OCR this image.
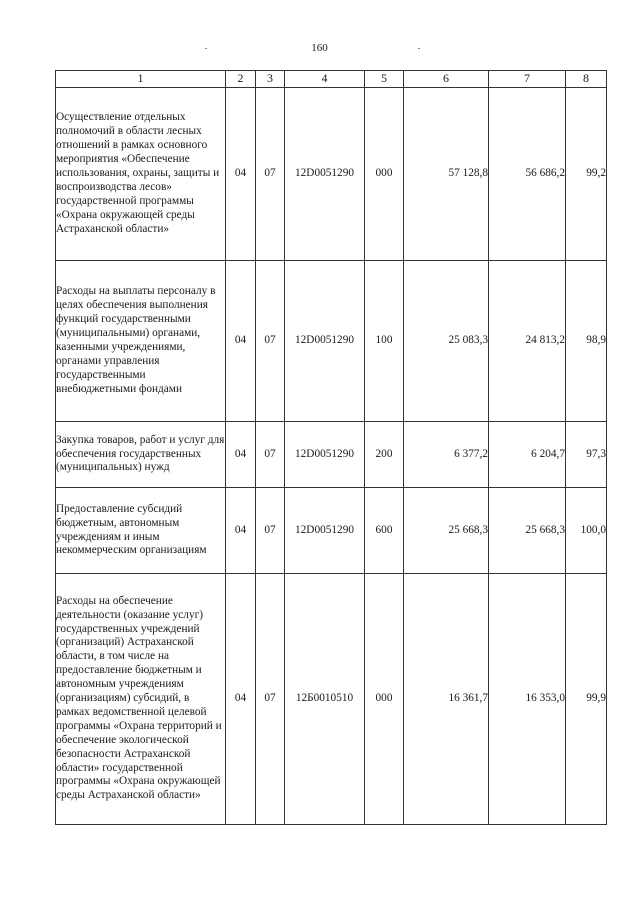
160
1	2	3	4	5	6	7	8
Осуществление отдельных полномочий в области лесных отношений в рамках основного мероприятия «Обеспечение использования, охраны, защиты и воспроизводства лесов» государственной программы «Охрана окружающей среды Астраханской области»	04	07	12D0051290	000	57 128,8	56 686,2	99,2
Расходы на выплаты персоналу в целях обеспечения выполнения функций государственными (муниципальными) органами, казенными учреждениями, органами управления государственными внебюджетными фондами	04	07	12D0051290	100	25 083,3	24 813,2	98,9
Закупка товаров, работ и услуг для обеспечения государственных (муниципальных) нужд	04	07	12D0051290	200	6 377,2	6 204,7	97,3
Предоставление субсидий бюджетным, автономным учреждениям и иным некоммерческим организациям	04	07	12D0051290	600	25 668,3	25 668,3	100,0
Расходы на обеспечение деятельности (оказание услуг) государственных учреждений (организаций) Астраханской области, в том числе на предоставление бюджетным и автономным учреждениям (организациям) субсидий, в рамках ведомственной целевой программы «Охрана территорий и обеспечение экологической безопасности Астраханской области» государственной программы «Охрана окружающей среды Астраханской области»	04	07	12Б0010510	000	16 361,7	16 353,0	99,9
